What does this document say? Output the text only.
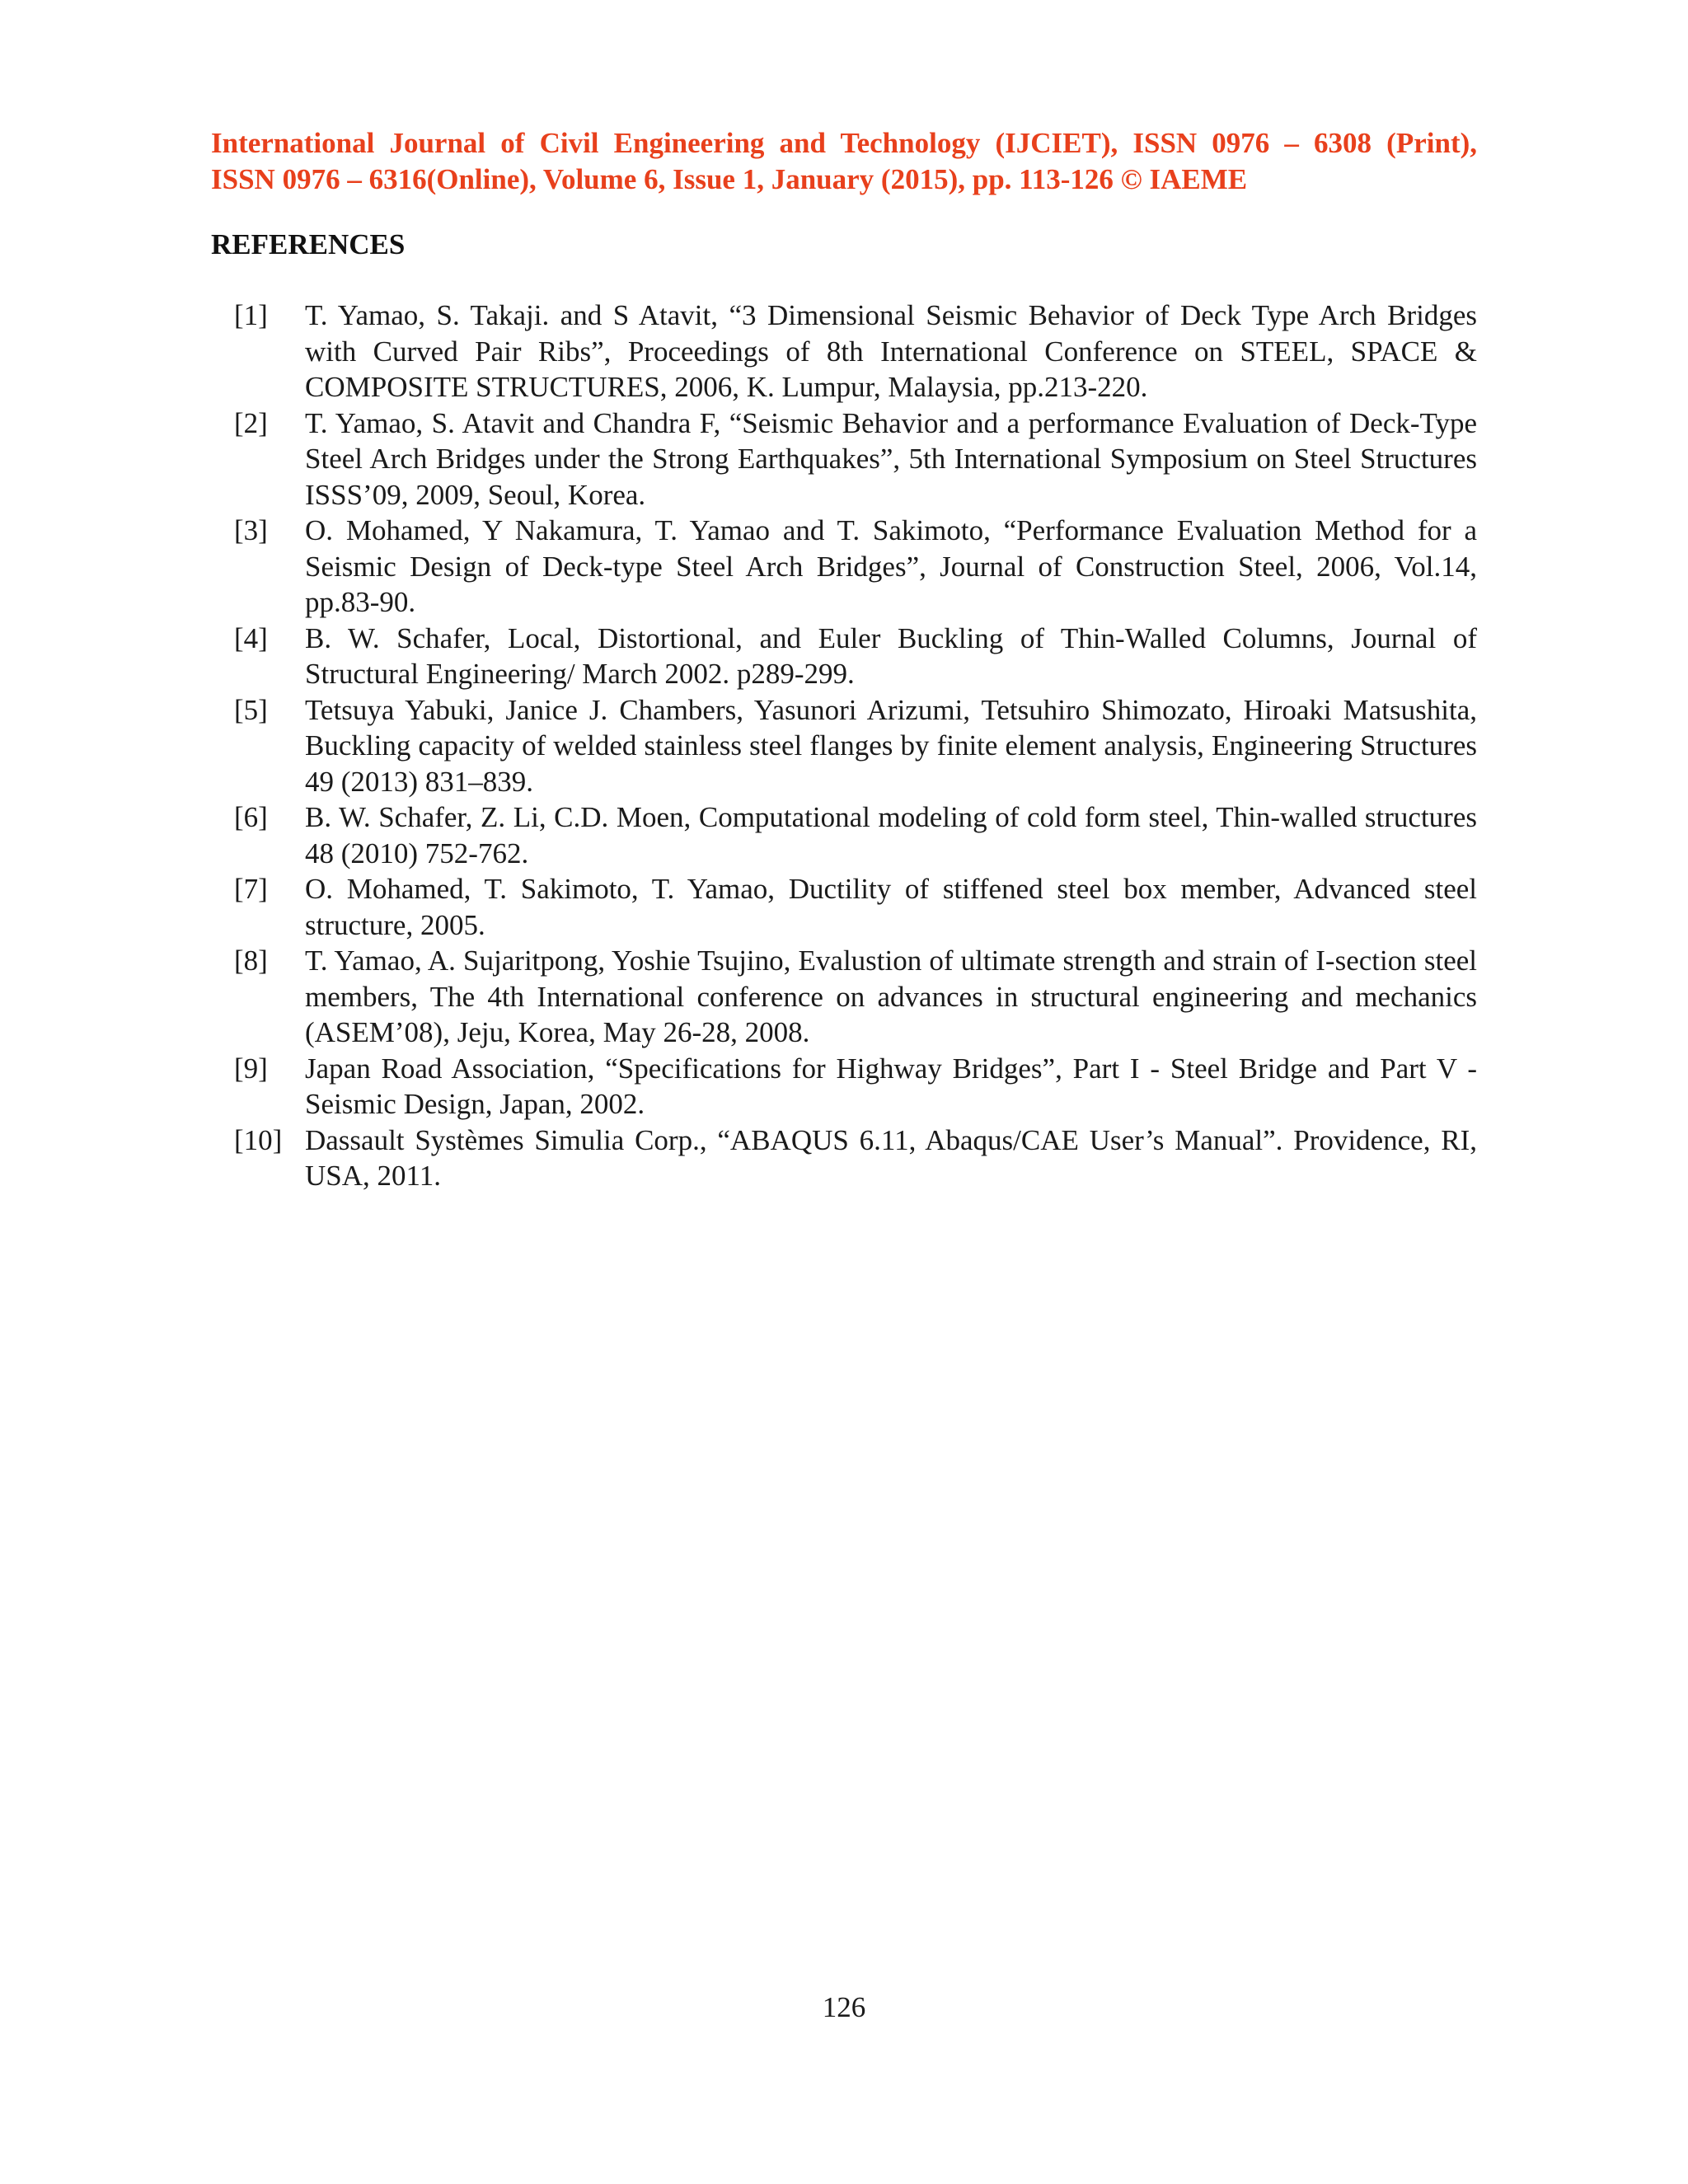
International Journal of Civil Engineering and Technology (IJCIET), ISSN 0976 – 6308 (Print),
ISSN 0976 – 6316(Online), Volume 6, Issue 1, January (2015), pp. 113-126 © IAEME
REFERENCES
[1]	T. Yamao, S. Takaji. and S Atavit, “3 Dimensional Seismic Behavior of Deck Type Arch Bridges with Curved Pair Ribs”, Proceedings of 8th International Conference on STEEL, SPACE & COMPOSITE STRUCTURES, 2006, K. Lumpur, Malaysia, pp.213-220.
[2]	T. Yamao, S. Atavit and Chandra F, “Seismic Behavior and a performance Evaluation of Deck-Type Steel Arch Bridges under the Strong Earthquakes”, 5th International Symposium on Steel Structures ISSS’09, 2009, Seoul, Korea.
[3]	O. Mohamed, Y Nakamura, T. Yamao and T. Sakimoto, “Performance Evaluation Method for a Seismic Design of Deck-type Steel Arch Bridges”, Journal of Construction Steel, 2006, Vol.14, pp.83-90.
[4]	B. W. Schafer, Local, Distortional, and Euler Buckling of Thin-Walled Columns, Journal of Structural Engineering/ March 2002. p289-299.
[5]	Tetsuya Yabuki, Janice J. Chambers, Yasunori Arizumi, Tetsuhiro Shimozato, Hiroaki Matsushita, Buckling capacity of welded stainless steel flanges by finite element analysis, Engineering Structures 49 (2013) 831–839.
[6]	B. W. Schafer, Z. Li, C.D. Moen, Computational modeling of cold form steel, Thin-walled structures 48 (2010) 752-762.
[7]	O. Mohamed, T. Sakimoto, T. Yamao, Ductility of stiffened steel box member, Advanced steel structure, 2005.
[8]	T. Yamao, A. Sujaritpong, Yoshie Tsujino, Evalustion of ultimate strength and strain of I-section steel members, The 4th International conference on advances in structural engineering and mechanics (ASEM’08), Jeju, Korea, May 26-28, 2008.
[9]	Japan Road Association, “Specifications for Highway Bridges”, Part I - Steel Bridge and Part V - Seismic Design, Japan, 2002.
[10] Dassault Systèmes Simulia Corp., “ABAQUS 6.11, Abaqus/CAE User’s Manual”. Providence, RI, USA, 2011.
126
